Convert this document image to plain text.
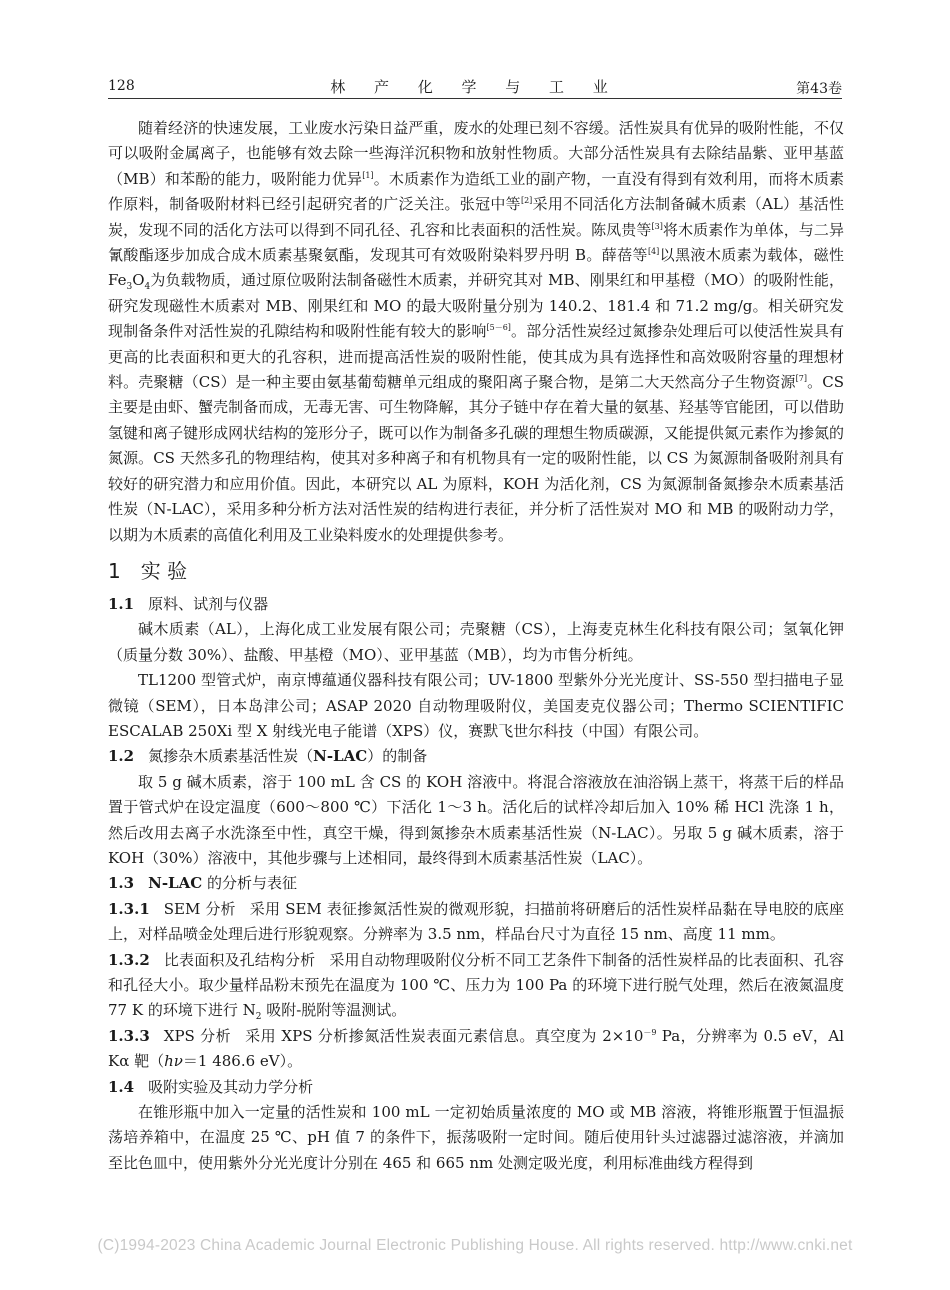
128	林 产 化 学 与 工 业	第43卷

随着经济的快速发展，工业废水污染日益严重，废水的处理已刻不容缓。活性炭具有优异的吸附性能，不仅可以吸附金属离子，也能够有效去除一些海洋沉积物和放射性物质。大部分活性炭具有去除结晶紫、亚甲基蓝（MB）和苯酚的能力，吸附能力优异[1]。木质素作为造纸工业的副产物，一直没有得到有效利用，而将木质素作原料，制备吸附材料已经引起研究者的广泛关注。张冠中等[2]采用不同活化方法制备碱木质素（AL）基活性炭，发现不同的活化方法可以得到不同孔径、孔容和比表面积的活性炭。陈凤贵等[3]将木质素作为单体，与二异氰酸酯逐步加成合成木质素基聚氨酯，发现其可有效吸附染料罗丹明 B。薛蓓等[4]以黑液木质素为载体，磁性 $Fe_3O_4$为负载物质，通过原位吸附法制备磁性木质素，并研究其对 MB、刚果红和甲基橙（MO）的吸附性能，研究发现磁性木质素对 MB、刚果红和 MO 的最大吸附量分别为 140.2、181.4 和 71.2 mg/g。相关研究发现制备条件对活性炭的孔隙结构和吸附性能有较大的影响[5－6]。部分活性炭经过氮掺杂处理后可以使活性炭具有更高的比表面积和更大的孔容积，进而提高活性炭的吸附性能，使其成为具有选择性和高效吸附容量的理想材料。壳聚糖（CS）是一种主要由氨基葡萄糖单元组成的聚阳离子聚合物，是第二大天然高分子生物资源[7]。CS 主要是由虾、蟹壳制备而成，无毒无害、可生物降解，其分子链中存在着大量的氨基、羟基等官能团，可以借助氢键和离子键形成网状结构的笼形分子，既可以作为制备多孔碳的理想生物质碳源，又能提供氮元素作为掺氮的氮源。CS 天然多孔的物理结构，使其对多种离子和有机物具有一定的吸附性能，以 CS 为氮源制备吸附剂具有较好的研究潜力和应用价值。因此，本研究以 AL 为原料，KOH 为活化剂，CS 为氮源制备氮掺杂木质素基活性炭（N-LAC），采用多种分析方法对活性炭的结构进行表征，并分析了活性炭对 MO 和 MB 的吸附动力学，以期为木质素的高值化利用及工业染料废水的处理提供参考。

1 实 验

1.1 原料、试剂与仪器

碱木质素（AL），上海化成工业发展有限公司；壳聚糖（CS），上海麦克林生化科技有限公司；氢氧化钾（质量分数 30%）、盐酸、甲基橙（MO）、亚甲基蓝（MB），均为市售分析纯。

TL1200 型管式炉，南京博蕴通仪器科技有限公司；UV-1800 型紫外分光光度计、SS-550 型扫描电子显微镜（SEM），日本岛津公司；ASAP 2020 自动物理吸附仪，美国麦克仪器公司；Thermo SCIENTIFIC ESCALAB 250Xi 型 X 射线光电子能谱（XPS）仪，赛默飞世尔科技（中国）有限公司。

1.2 氮掺杂木质素基活性炭（N-LAC）的制备

取 5 g 碱木质素，溶于 100 mL 含 CS 的 KOH 溶液中。将混合溶液放在油浴锅上蒸干，将蒸干后的样品置于管式炉在设定温度（600～800 ℃）下活化 1～3 h。活化后的试样冷却后加入 10% 稀 HCl 洗涤 1 h，然后改用去离子水洗涤至中性，真空干燥，得到氮掺杂木质素基活性炭（N-LAC）。另取 5 g 碱木质素，溶于 KOH（30%）溶液中，其他步骤与上述相同，最终得到木质素基活性炭（LAC）。

1.3 N-LAC 的分析与表征

1.3.1 SEM 分析 采用 SEM 表征掺氮活性炭的微观形貌，扫描前将研磨后的活性炭样品黏在导电胶的底座上，对样品喷金处理后进行形貌观察。分辨率为 3.5 nm，样品台尺寸为直径 15 nm、高度 11 mm。

1.3.2 比表面积及孔结构分析 采用自动物理吸附仪分析不同工艺条件下制备的活性炭样品的比表面积、孔容和孔径大小。取少量样品粉末预先在温度为 100 ℃、压力为 100 Pa 的环境下进行脱气处理，然后在液氮温度 77 K 的环境下进行 $N_2$ 吸附-脱附等温测试。

1.3.3 XPS 分析 采用 XPS 分析掺氮活性炭表面元素信息。真空度为 $2\times 10^{-9}$ Pa，分辨率为 0.5 eV，Al Kα 靶（hν＝1 486.6 eV）。

1.4 吸附实验及其动力学分析

在锥形瓶中加入一定量的活性炭和 100 mL 一定初始质量浓度的 MO 或 MB 溶液，将锥形瓶置于恒温振荡培养箱中，在温度 25 ℃、pH 值 7 的条件下，振荡吸附一定时间。随后使用针头过滤器过滤溶液，并滴加至比色皿中，使用紫外分光光度计分别在 465 和 665 nm 处测定吸光度，利用标准曲线方程得到

(C)1994-2023 China Academic Journal Electronic Publishing House. All rights reserved. http://www.cnki.net
